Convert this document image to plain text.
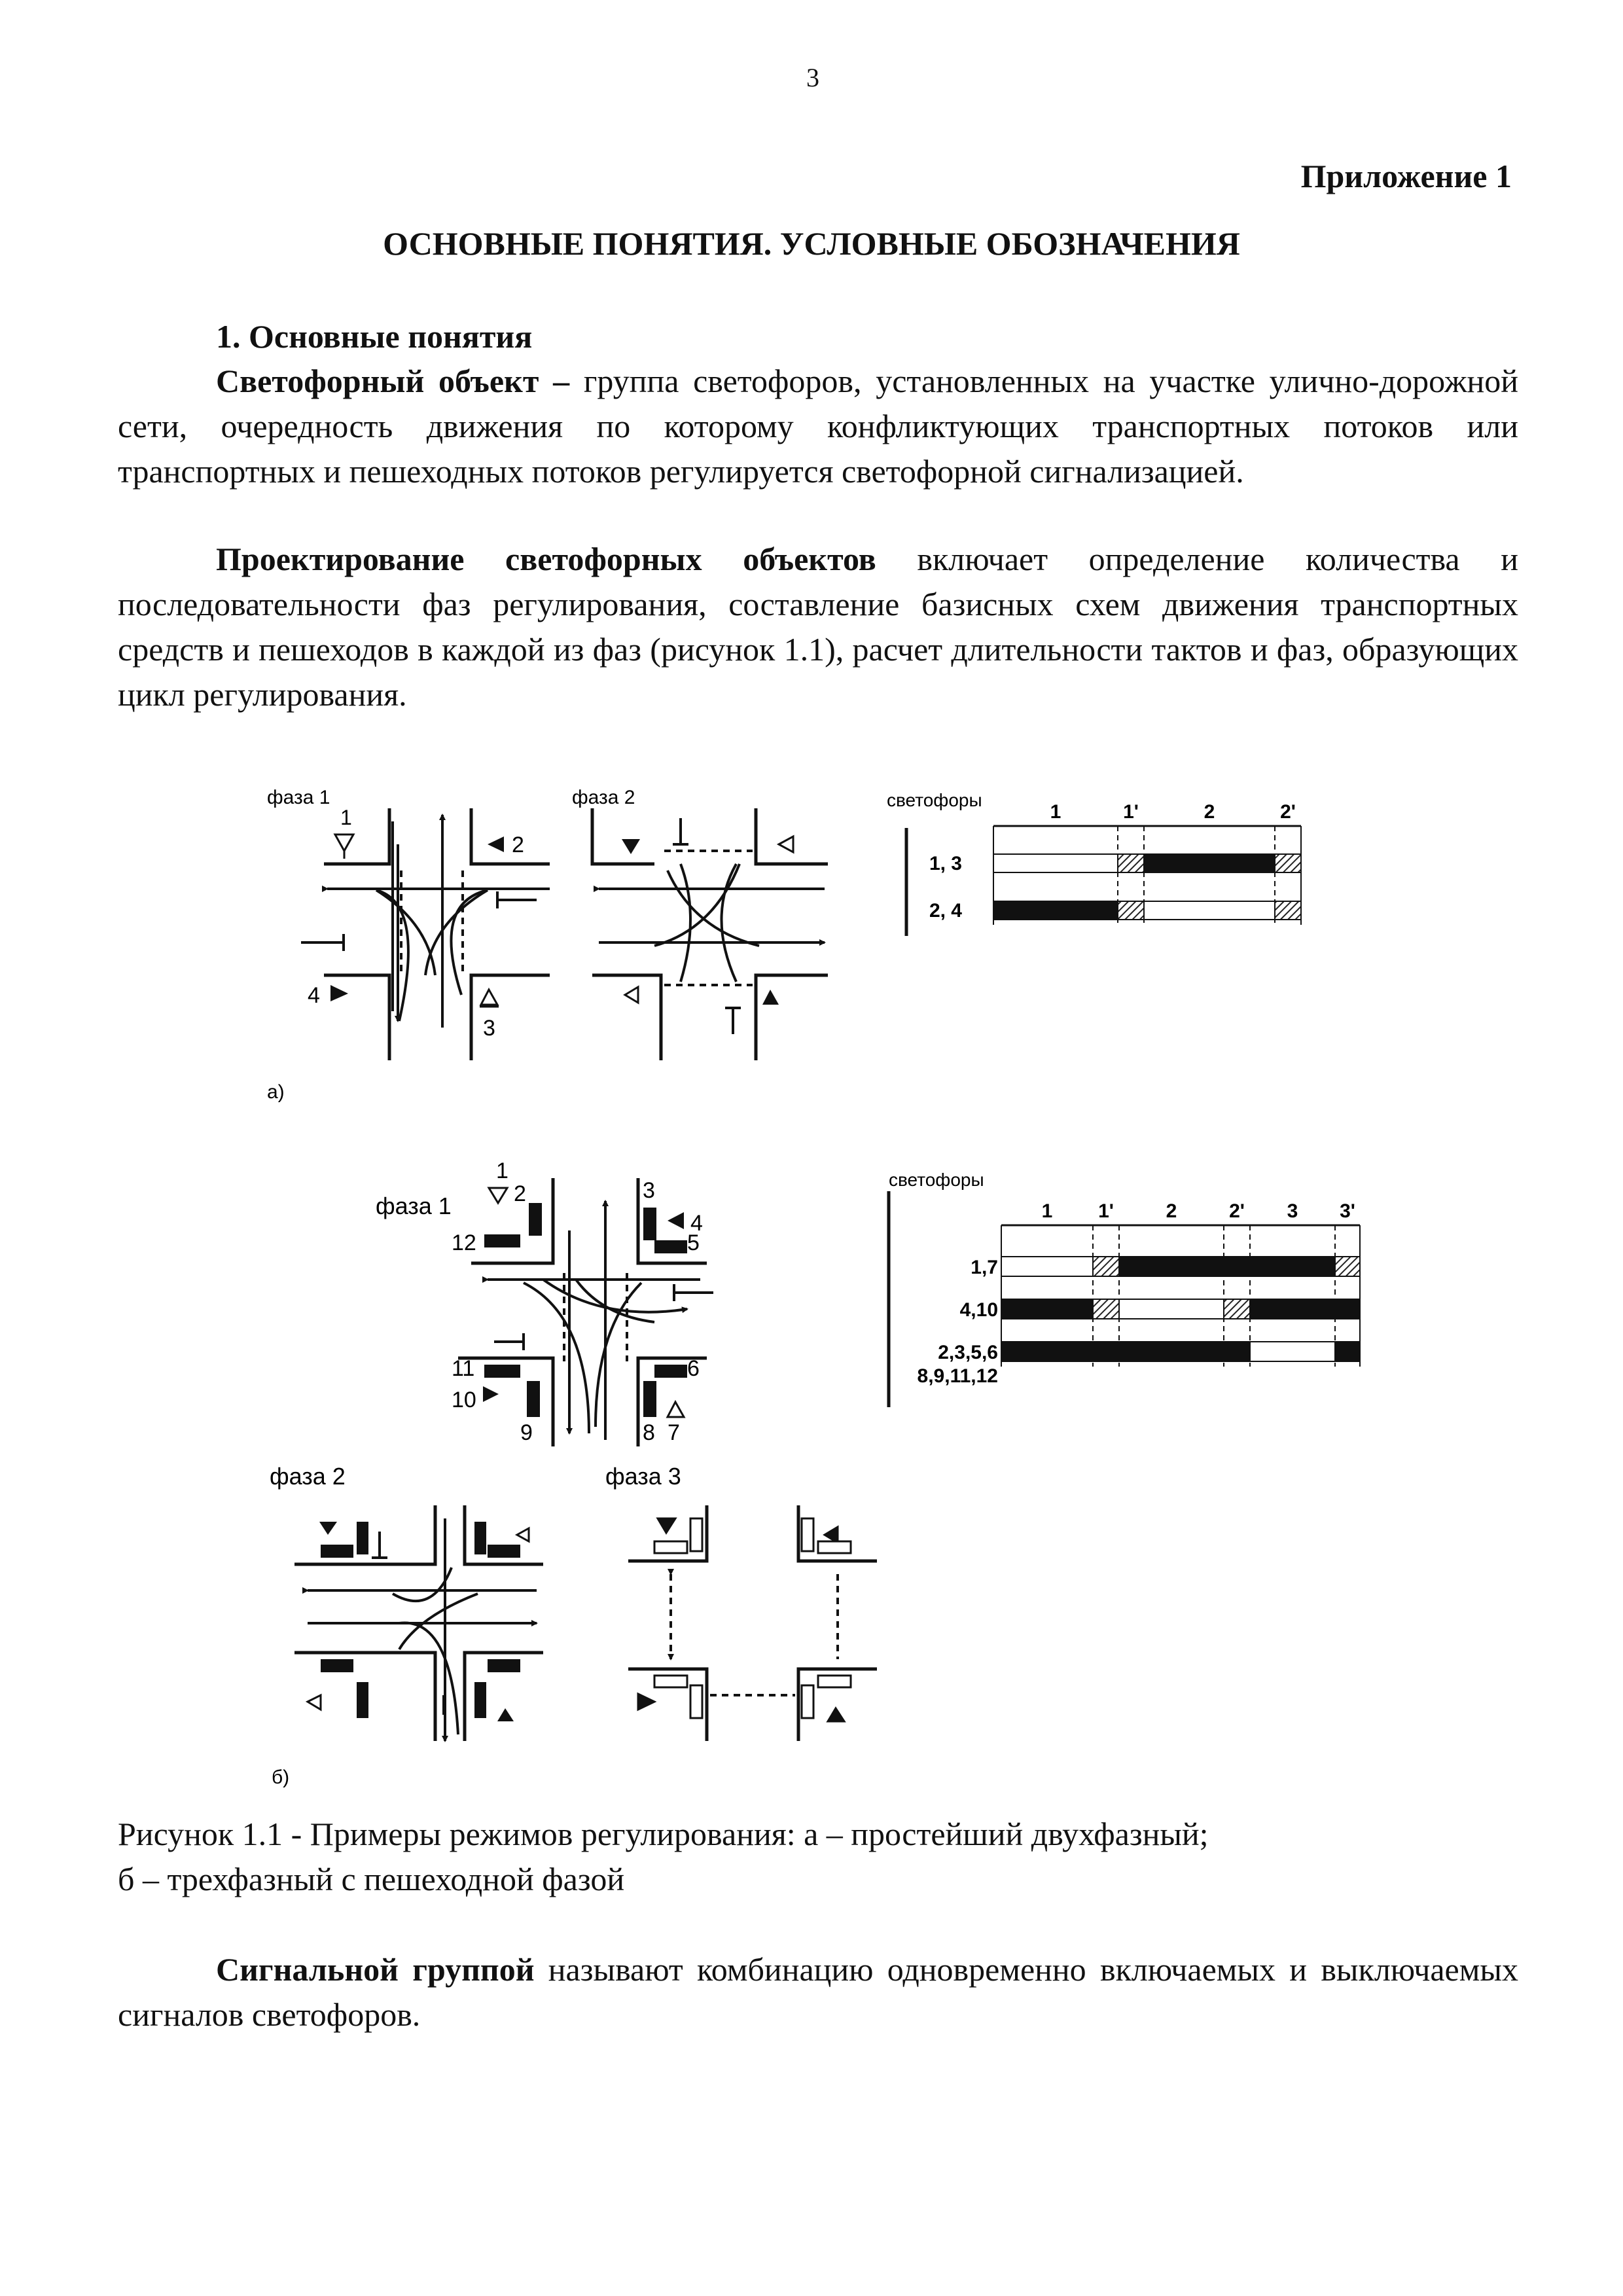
3
Приложение 1
ОСНОВНЫЕ ПОНЯТИЯ. УСЛОВНЫЕ ОБОЗНАЧЕНИЯ
1. Основные понятия

Светофорный объект – группа светофоров, установленных на участке улично-дорожной сети, очередность движения по которому конфликтующих транспортных потоков или транспортных и пешеходных потоков регулируется светофорной сигнализацией.

Проектирование светофорных объектов включает определение количества и последовательности фаз регулирования, составление базисных схем движения транспортных средств и пешеходов в каждой из фаз (рисунок 1.1), расчет длительности тактов и фаз, образующих цикл регулирования.

фаза 1
1
2
3
4
фаза 2
а)
светофоры
1	1'	2	2'
1, 3
2, 4
фаза 1
1
2
12
3
4
5
11
10
9
6
8 7
фаза 2	фаза 3
б)
светофоры
1 1'	2	2' 3 3'
1,7
4,10
2,3,5,6
8,9,11,12
Рисунок 1.1 - Примеры режимов регулирования: а – простейший двухфазный;
б – трехфазный с пешеходной фазой

Сигнальной группой называют комбинацию одновременно включаемых и выключаемых сигналов светофоров.
